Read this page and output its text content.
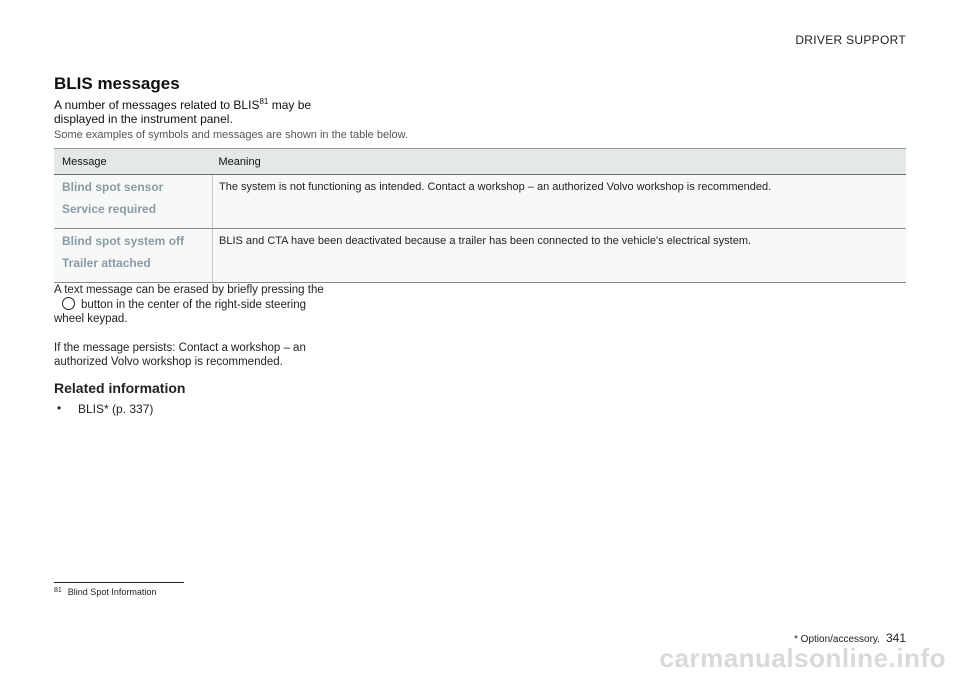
DRIVER SUPPORT
BLIS messages
A number of messages related to BLIS$^{81}$ may be displayed in the instrument panel.
Some examples of symbols and messages are shown in the table below.
Message	Meaning

Blind spot sensor
Service required	The system is not functioning as intended. Contact a workshop – an authorized Volvo workshop is recommended.

Blind spot system off
Trailer attached	BLIS and CTA have been deactivated because a trailer has been connected to the vehicle's electrical system.
A text message can be erased by briefly pressing thebutton in the center of the right-side steering wheel keypad.
If the message persists: Contact a workshop – an authorized Volvo workshop is recommended.
Related information
• BLIS* (p. 337)
$^{81}$ Blind Spot Information
* Option/accessory. 341
carmanualsonline.info
